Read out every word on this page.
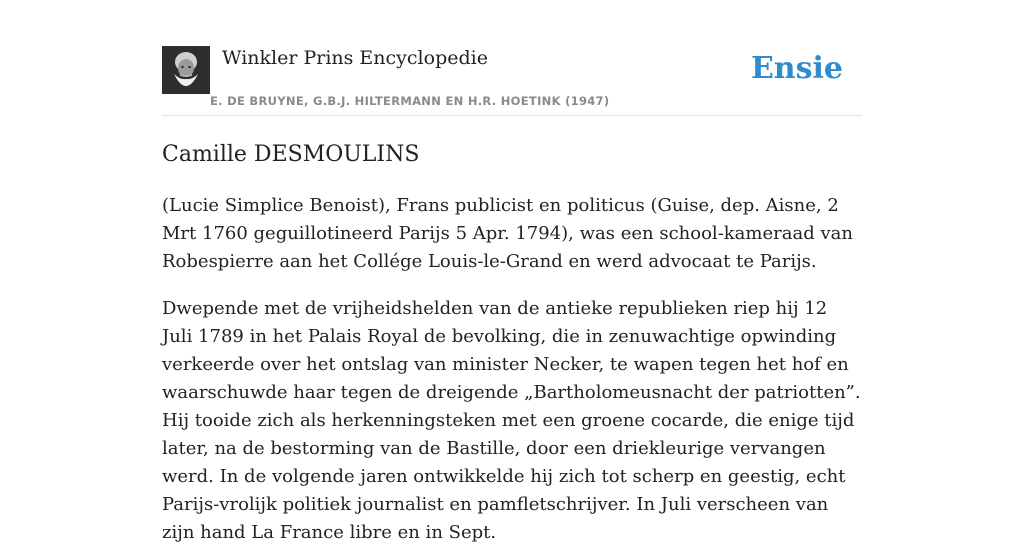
Winkler Prins Encyclopedie
E. DE BRUYNE, G.B.J. HILTERMANN EN H.R. HOETINK (1947)
Ensie
Camille DESMOULINS

(Lucie Simplice Benoist), Frans publicist en politicus (Guise, dep. Aisne, 2 Mrt 1760 geguillotineerd Parijs 5 Apr. 1794), was een school-kameraad van Robespierre aan het Collége Louis-le-Grand en werd advocaat te Parijs.

Dwepende met de vrijheidshelden van de antieke republieken riep hij 12 Juli 1789 in het Palais Royal de bevolking, die in zenuwachtige opwinding verkeerde over het ontslag van minister Necker, te wapen tegen het hof en waarschuwde haar tegen de dreigende „Bartholomeusnacht der patriotten”. Hij tooide zich als herkenningsteken met een groene cocarde, die enige tijd later, na de bestorming van de Bastille, door een driekleurige vervangen werd. In de volgende jaren ontwikkelde hij zich tot scherp en geestig, echt Parijs-vrolijk politiek journalist en pamfletschrijver. In Juli verscheen van zijn hand La France libre en in Sept.
